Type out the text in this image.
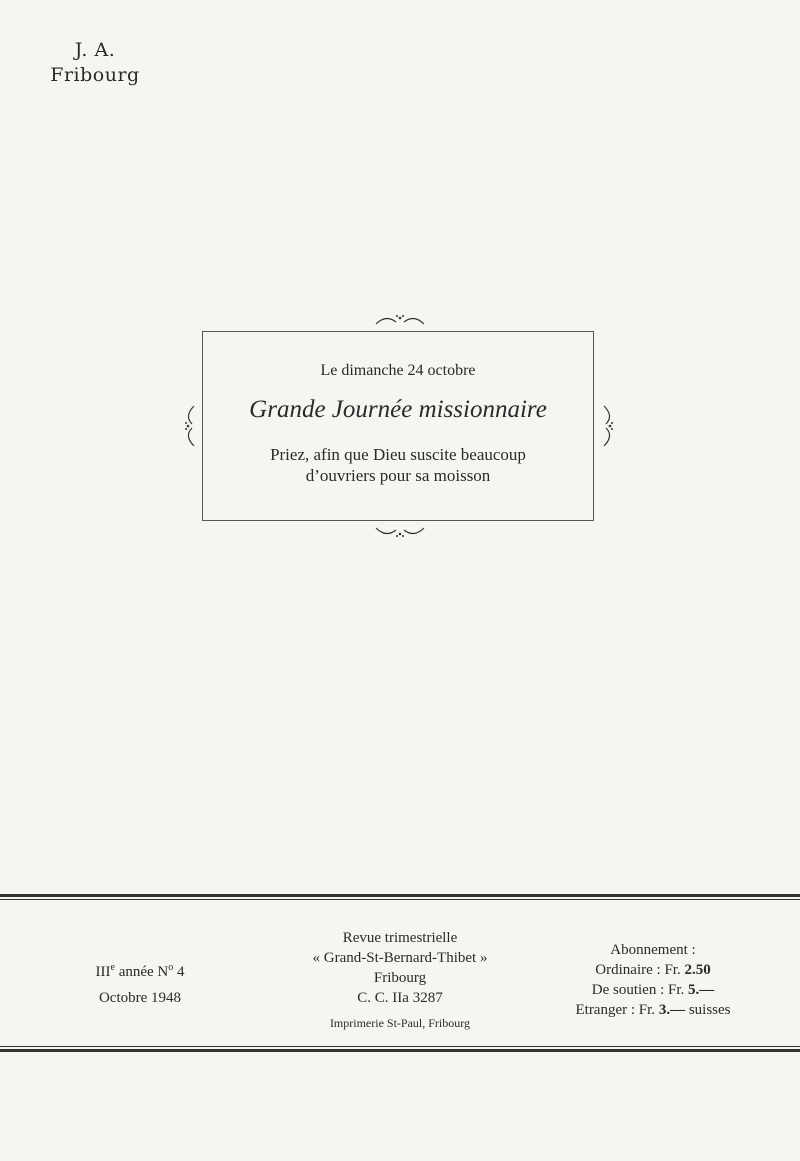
J. A.
Fribourg
Le dimanche 24 octobre
Grande Journée missionnaire
Priez, afin que Dieu suscite beaucoup
d’ouvriers pour sa moisson
IIIe année $N^o$ 4
Octobre 1948
Revue trimestrielle
« Grand-St-Bernard-Thibet »
Fribourg
C. C. IIa 3287
Imprimerie St-Paul, Fribourg
Abonnement :
Ordinaire : Fr. 2.50
De soutien : Fr. 5.—
Etranger : Fr. 3.— suisses
